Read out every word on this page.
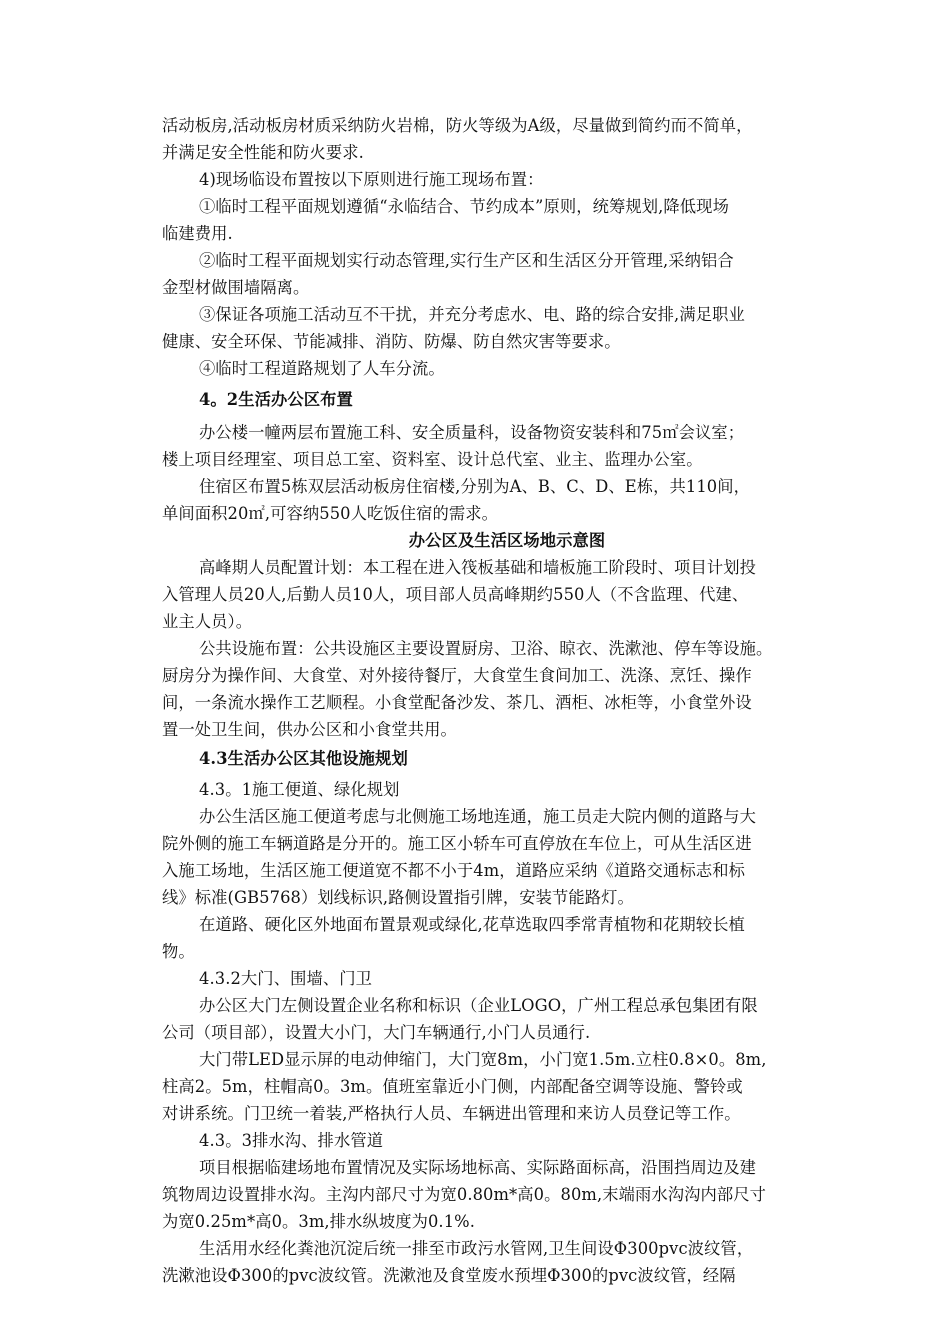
活动板房,活动板房材质采纳防火岩棉，防火等级为A级，尽量做到简约而不简单，
并满足安全性能和防火要求.
4)现场临设布置按以下原则进行施工现场布置：
①临时工程平面规划遵循“永临结合、节约成本”原则，统筹规划,降低现场
临建费用.
②临时工程平面规划实行动态管理,实行生产区和生活区分开管理,采纳铝合
金型材做围墙隔离。
③保证各项施工活动互不干扰，并充分考虑水、电、路的综合安排,满足职业
健康、安全环保、节能减排、消防、防爆、防自然灾害等要求。
④临时工程道路规划了人车分流。
4。2生活办公区布置
办公楼一幢两层布置施工科、安全质量科，设备物资安装科和75㎡会议室；
楼上项目经理室、项目总工室、资料室、设计总代室、业主、监理办公室。
住宿区布置5栋双层活动板房住宿楼,分别为A、B、C、D、E栋，共110间，
单间面积20㎡,可容纳550人吃饭住宿的需求。
办公区及生活区场地示意图
高峰期人员配置计划：本工程在进入筏板基础和墙板施工阶段时、项目计划投
入管理人员20人,后勤人员10人，项目部人员高峰期约550人（不含监理、代建、
业主人员）。
公共设施布置：公共设施区主要设置厨房、卫浴、晾衣、洗漱池、停车等设施。
厨房分为操作间、大食堂、对外接待餐厅，大食堂生食间加工、洗涤、烹饪、操作
间，一条流水操作工艺顺程。小食堂配备沙发、茶几、酒柜、冰柜等，小食堂外设
置一处卫生间，供办公区和小食堂共用。
4.3生活办公区其他设施规划
4.3。1施工便道、绿化规划
办公生活区施工便道考虑与北侧施工场地连通，施工员走大院内侧的道路与大
院外侧的施工车辆道路是分开的。施工区小轿车可直停放在车位上，可从生活区进
入施工场地，生活区施工便道宽不都不小于4m，道路应采纳《道路交通标志和标
线》标准(GB5768）划线标识,路侧设置指引牌，安装节能路灯。
在道路、硬化区外地面布置景观或绿化,花草选取四季常青植物和花期较长植
物。
4.3.2大门、围墙、门卫
办公区大门左侧设置企业名称和标识（企业LOGO，广州工程总承包集团有限
公司（项目部），设置大小门，大门车辆通行,小门人员通行.
大门带LED显示屏的电动伸缩门，大门宽8m，小门宽1.5m.立柱0.8×0。8m,
柱高2。5m，柱帽高0。3m。值班室靠近小门侧，内部配备空调等设施、警铃或
对讲系统。门卫统一着装,严格执行人员、车辆进出管理和来访人员登记等工作。
4.3。3排水沟、排水管道
项目根据临建场地布置情况及实际场地标高、实际路面标高，沿围挡周边及建
筑物周边设置排水沟。主沟内部尺寸为宽0.80m*高0。80m,末端雨水沟沟内部尺寸
为宽0.25m*高0。3m,排水纵坡度为0.1%.
生活用水经化粪池沉淀后统一排至市政污水管网,卫生间设Φ300pvc波纹管，
洗漱池设Φ300的pvc波纹管。洗漱池及食堂废水预埋Φ300的pvc波纹管，经隔
